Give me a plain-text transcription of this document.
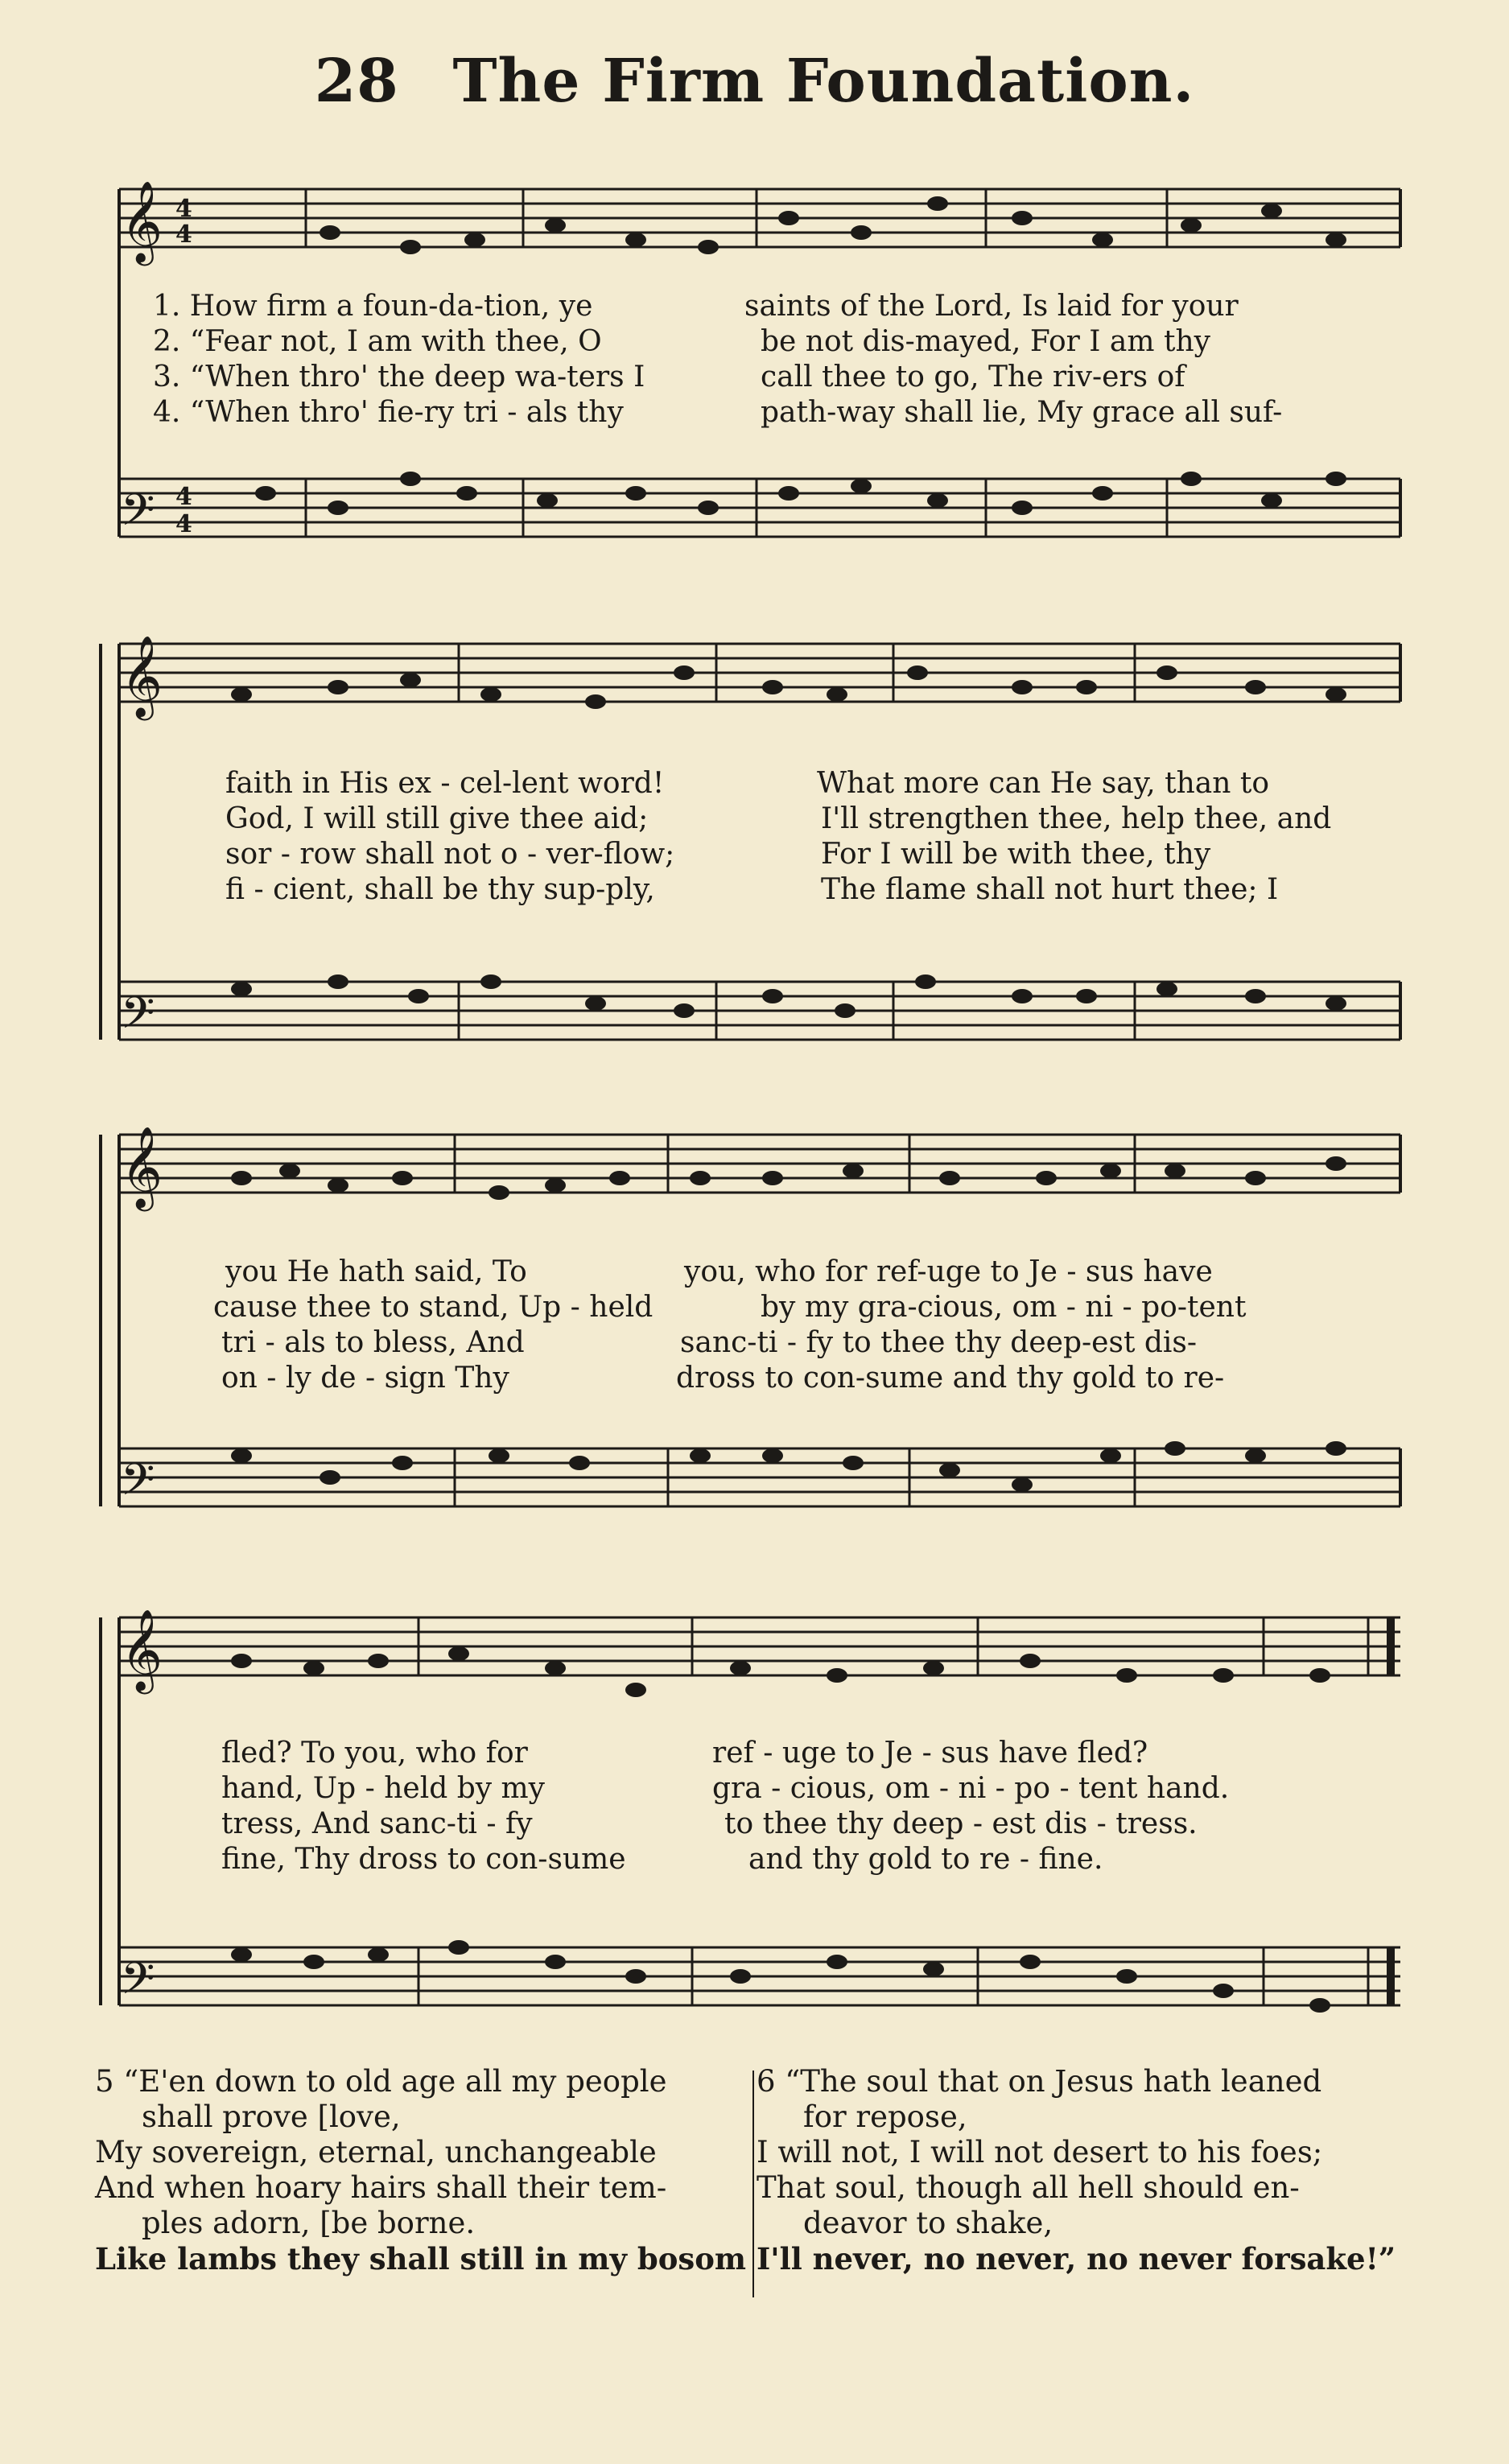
28 The Firm Foundation.
𝄞
𝄢
4
4
4
4
1. How firm a foun-da-tion, ye	saints of the Lord, Is laid for your
2. “Fear not, I am with thee, O	be not dis-mayed, For I am thy
3. “When thro' the deep wa-ters I	call thee to go, The riv-ers of
4. “When thro' fie-ry tri - als thy	path-way shall lie, My grace all suf-
𝄞
𝄢
faith in His ex - cel-lent word!	What more can He say, than to
God, I will still give thee aid;	I'll strengthen thee, help thee, and
sor - row shall not o - ver-flow;	For I will be with thee, thy
fi - cient, shall be thy sup-ply,	The flame shall not hurt thee; I
𝄞
𝄢
you He hath said, To	you, who for ref-uge to Je - sus have
cause thee to stand, Up - held	by my gra-cious, om - ni - po-tent
tri - als to bless, And	sanc-ti - fy to thee thy deep-est dis-
on - ly de - sign Thy	dross to con-sume and thy gold to re-
𝄞
𝄢
fled? To you, who for	ref - uge to Je - sus have fled?
hand, Up - held by my	gra - cious, om - ni - po - tent hand.
tress, And sanc-ti - fy	to thee thy deep - est dis - tress.
fine, Thy dross to con-sume	and thy gold to re - fine.
5 “E'en down to old age all my people
shall prove [love,
My sovereign, eternal, unchangeable
And when hoary hairs shall their tem-
ples adorn, [be borne.
Like lambs they shall still in my bosom
6 “The soul that on Jesus hath leaned
for repose,
I will not, I will not desert to his foes;
That soul, though all hell should en-
deavor to shake,
I'll never, no never, no never forsake!”
